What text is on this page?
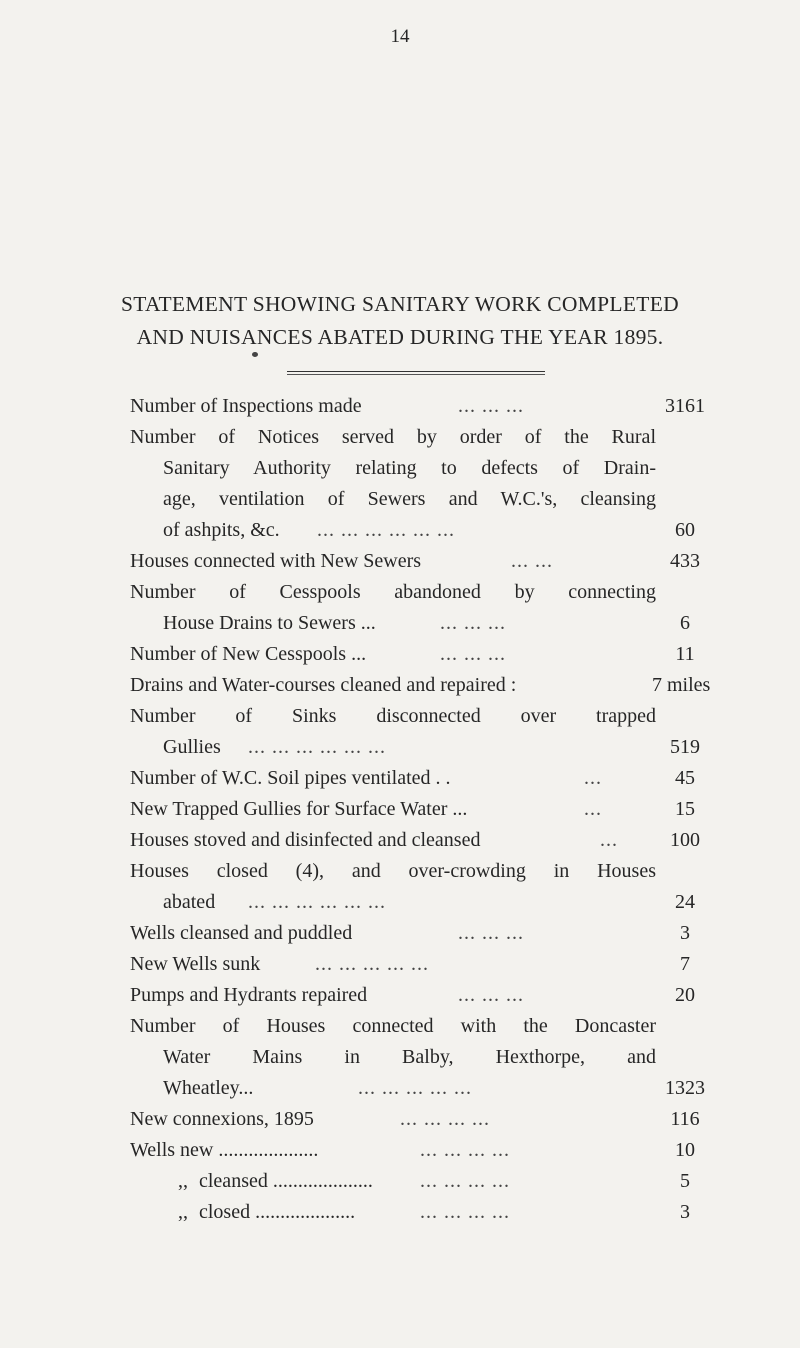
14
STATEMENT SHOWING SANITARY WORK COMPLETED
AND NUISANCES ABATED DURING THE YEAR 1895.
Number of Inspections made	... ... ...	3161
Number of Notices served by order of the Rural
Sanitary Authority relating to defects of Drain-
age, ventilation of Sewers and W.C.'s, cleansing
of ashpits, &c. ... ... ... ... ... ...	60
Houses connected with New Sewers	... ...	433
Number of Cesspools abandoned by connecting
House Drains to Sewers ...	... ... ...	6
Number of New Cesspools ...	... ... ...	11
Drains and Water-courses cleaned and repaired :	7 miles
Number of Sinks disconnected over trapped
Gullies ... ... ... ... ... ...	519
Number of W.C. Soil pipes ventilated . .	...	45
New Trapped Gullies for Surface Water ...	...	15
Houses stoved and disinfected and cleansed	...	100
Houses closed (4), and over-crowding in Houses
abated ... ... ... ... ... ...	24
Wells cleansed and puddled	... ... ...	3
New Wells sunk	... ... ... ... ...	7
Pumps and Hydrants repaired	... ... ...	20
Number of Houses connected with the Doncaster
Water Mains in Balby, Hexthorpe, and
Wheatley...	... ... ... ... ...	1323
New connexions, 1895	... ... ... ...	116
Wells new ....................	... ... ... ...	10
,, cleansed .................... ... ... ... ...	5
,, closed ....................	... ... ... ...	3
